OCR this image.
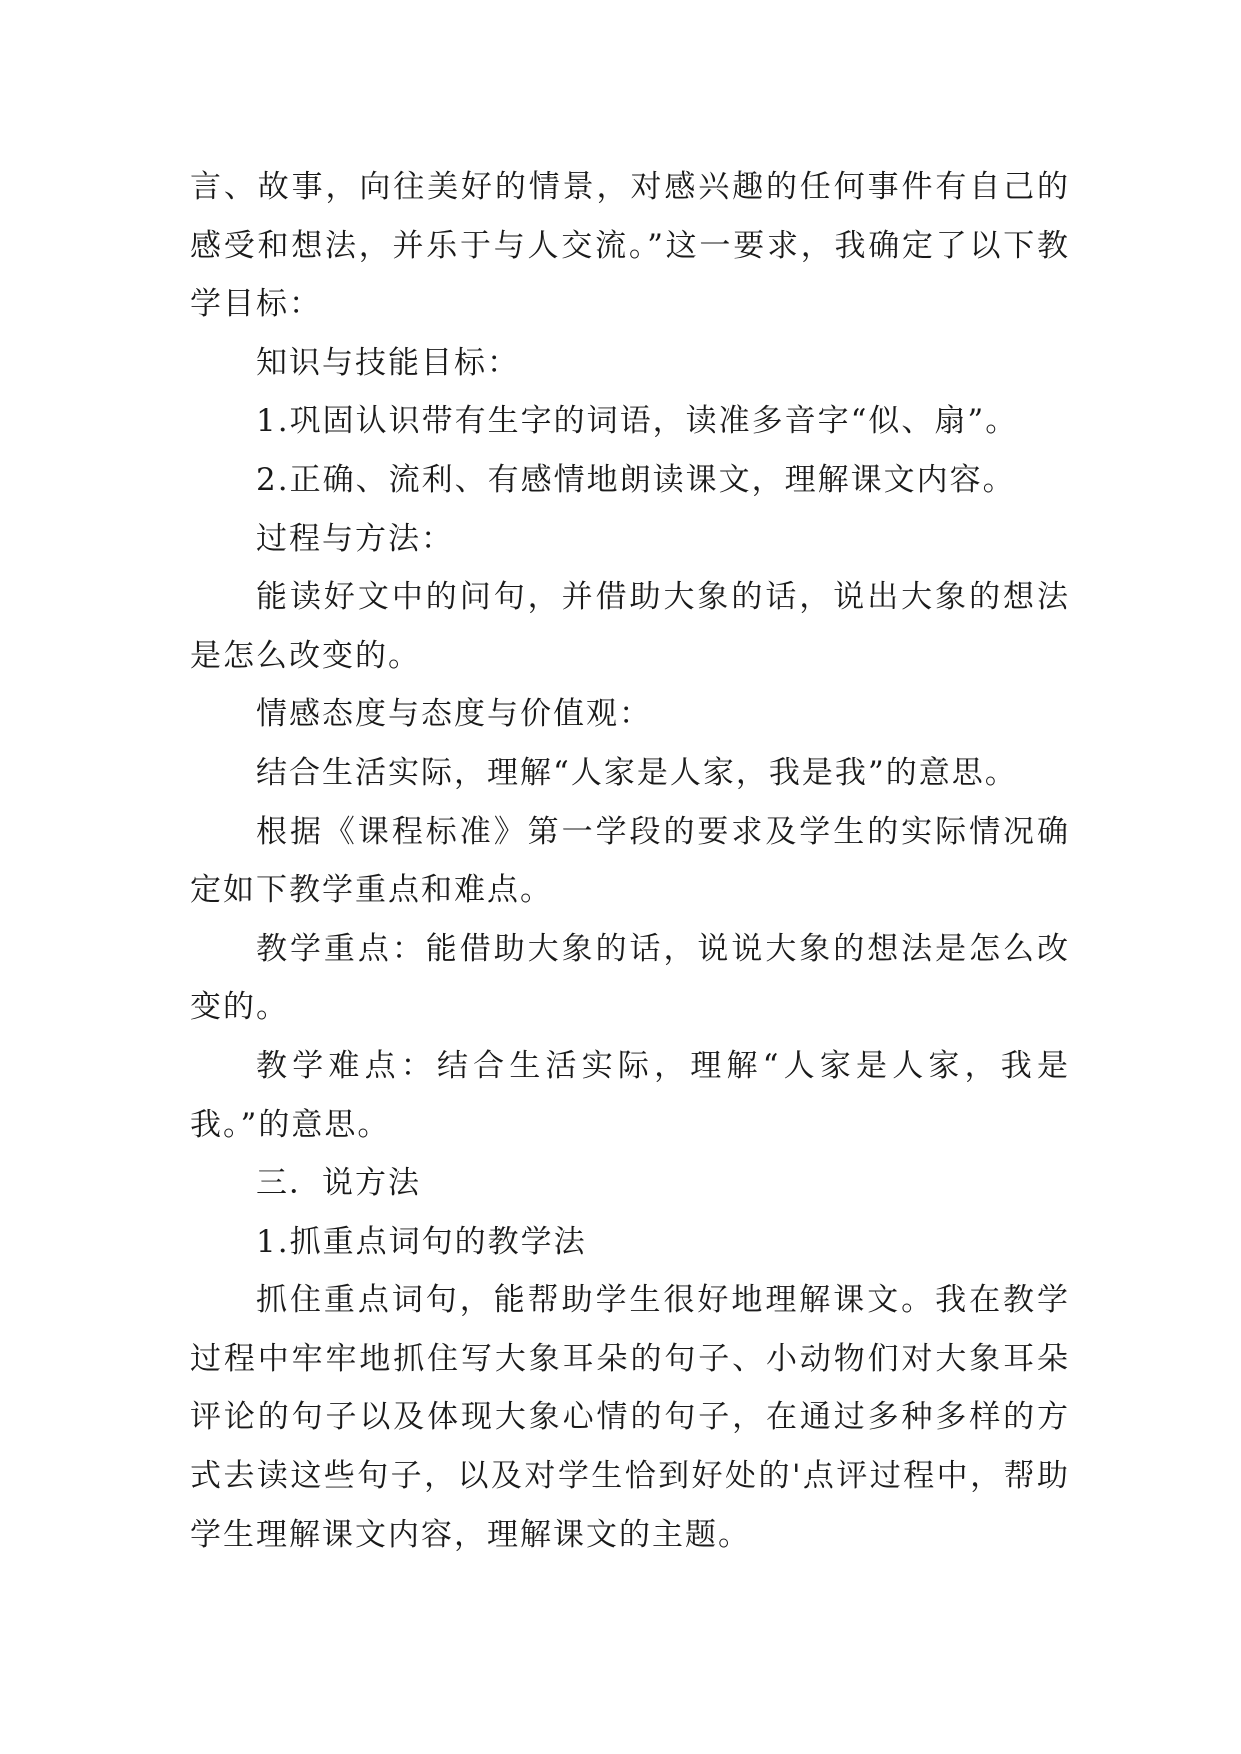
言、故事，向往美好的情景，对感兴趣的任何事件有自己的感受和想法，并乐于与人交流。”这一要求，我确定了以下教学目标：

知识与技能目标：

1.巩固认识带有生字的词语，读准多音字“似、扇”。

2.正确、流利、有感情地朗读课文，理解课文内容。

过程与方法：

能读好文中的问句，并借助大象的话，说出大象的想法是怎么改变的。

情感态度与态度与价值观：

结合生活实际，理解“人家是人家，我是我”的意思。

根据《课程标准》第一学段的要求及学生的实际情况确定如下教学重点和难点。

教学重点：能借助大象的话，说说大象的想法是怎么改变的。

教学难点：结合生活实际，理解“人家是人家，我是我。”的意思。

三．说方法

1.抓重点词句的教学法

抓住重点词句，能帮助学生很好地理解课文。我在教学过程中牢牢地抓住写大象耳朵的句子、小动物们对大象耳朵评论的句子以及体现大象心情的句子，在通过多种多样的方式去读这些句子，以及对学生恰到好处的'点评过程中，帮助学生理解课文内容，理解课文的主题。
